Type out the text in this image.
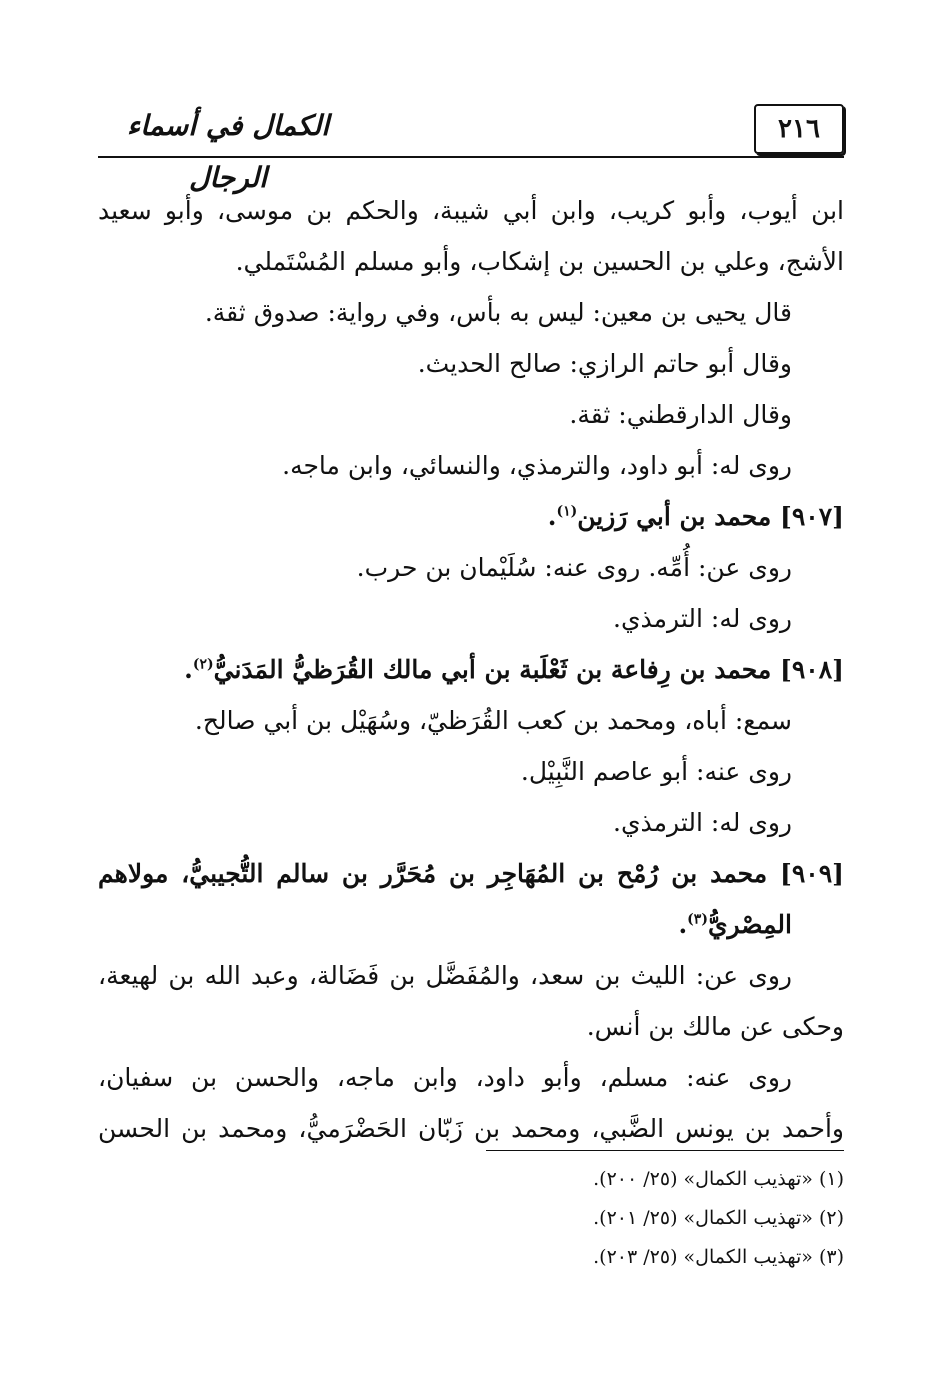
الكمال في أسماء الرجال
٢١٦
ابن أيوب، وأبو كريب، وابن أبي شيبة، والحكم بن موسى، وأبو سعيد
الأشج، وعلي بن الحسين بن إشكاب، وأبو مسلم المُسْتَملي.
قال يحيى بن معين: ليس به بأس، وفي رواية: صدوق ثقة.
وقال أبو حاتم الرازي: صالح الحديث.
وقال الدارقطني: ثقة.
روى له: أبو داود، والترمذي، والنسائي، وابن ماجه.
[٩٠٧] محمد بن أبي رَزين$^{(١)}$.
روى عن: أُمِّه. روى عنه: سُلَيْمان بن حرب.
روى له: الترمذي.
[٩٠٨] محمد بن رِفاعة بن ثَعْلَبة بن أبي مالك القُرَظيُّ المَدَنيُّ$^{(٢)}$.
سمع: أباه، ومحمد بن كعب القُرَظيّ، وسُهَيْل بن أبي صالح.
روى عنه: أبو عاصم النَّبِيْل.
روى له: الترمذي.
[٩٠٩] محمد بن رُمْح بن المُهَاجِر بن مُحَرَّر بن سالم التُّجيبيُّ، مولاهم
المِصْريُّ$^{(٣)}$.
روى عن: الليث بن سعد، والمُفَضَّل بن فَضَالة، وعبد الله بن لهيعة،
وحكى عن مالك بن أنس.
روى عنه: مسلم، وأبو داود، وابن ماجه، والحسن بن سفيان،
وأحمد بن يونس الضَّبي، ومحمد بن زَبّان الحَضْرَميُّ، ومحمد بن الحسن
(١) «تهذيب الكمال» (٢٥/ ٢٠٠).
(٢) «تهذيب الكمال» (٢٥/ ٢٠١).
(٣) «تهذيب الكمال» (٢٥/ ٢٠٣).
